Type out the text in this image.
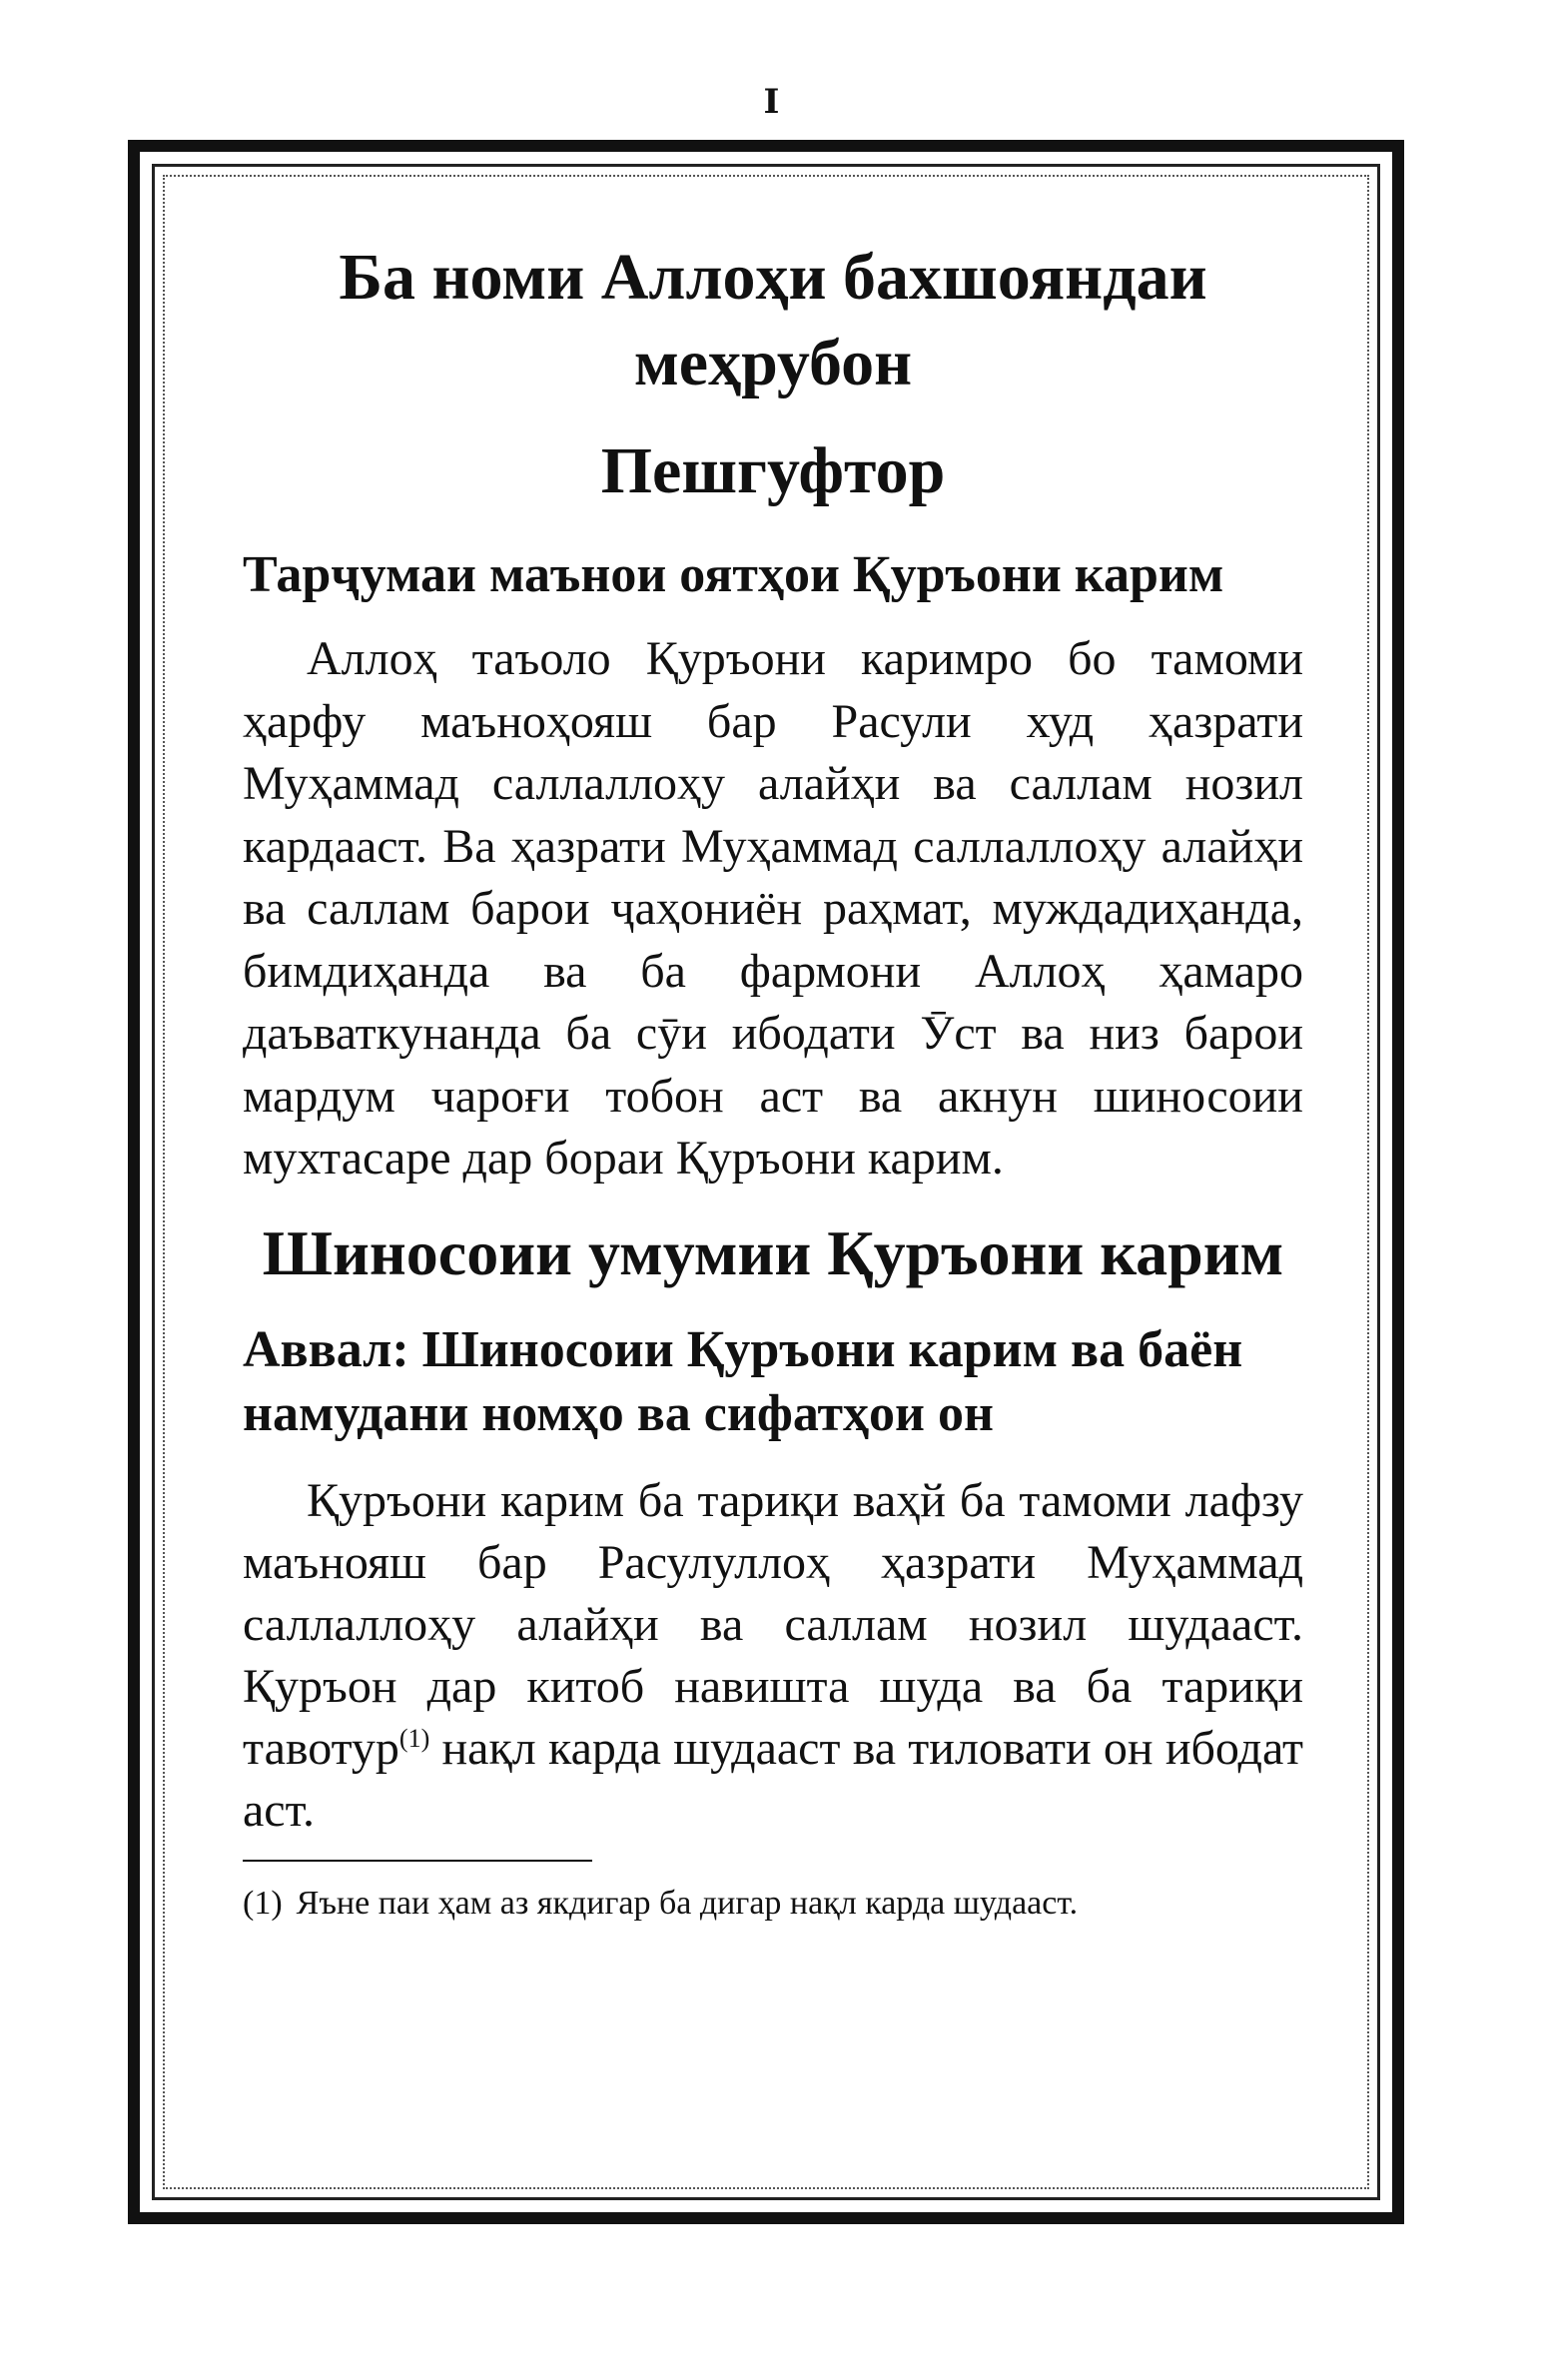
I
Ба номи Аллоҳи бахшояндаи меҳрубон
Пешгуфтор
Тарҷумаи маънои оятҳои Қуръони карим

Аллоҳ таъоло Қуръони каримро бо тамоми ҳарфу маъноҳояш бар Расули худ ҳазрати Муҳаммад саллаллоҳу алайҳи ва саллам нозил кардааст. Ва ҳазрати Муҳаммад саллаллоҳу алайҳи ва саллам барои ҷаҳониён раҳмат, муждадиҳанда, бимдиҳанда ва ба фармони Аллоҳ ҳамаро даъваткунанда ба сӯи ибодати Ӯст ва низ барои мардум чароғи тобон аст ва акнун шиносоии мухтасаре дар бораи Қуръони карим.

Шиносоии умумии Қуръони карим
Аввал: Шиносоии Қуръони карим ва баён намудани номҳо ва сифатҳои он

Қуръони карим ба тариқи ваҳй ба тамоми лафзу маънояш бар Расулуллоҳ ҳазрати Муҳаммад саллаллоҳу алайҳи ва саллам нозил шудааст. Қуръон дар китоб навишта шуда ва ба тариқи тавотур$^{(1)}$ нақл карда шудааст ва тиловати он ибодат аст.

(1) Яъне паи ҳам аз якдигар ба дигар нақл карда шудааст.
